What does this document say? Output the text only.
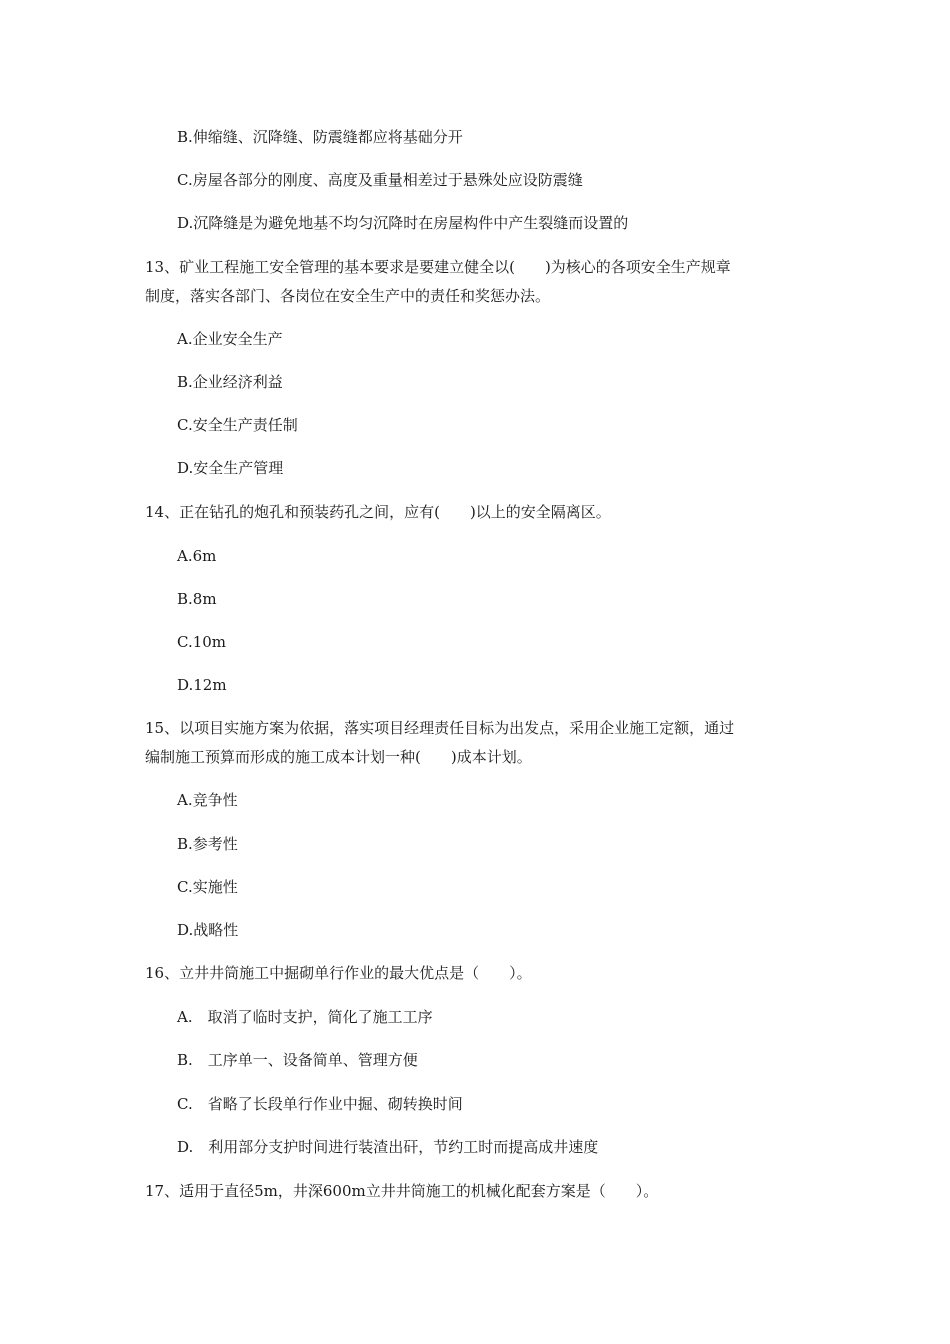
B.伸缩缝、沉降缝、防震缝都应将基础分开
C.房屋各部分的刚度、高度及重量相差过于悬殊处应设防震缝
D.沉降缝是为避免地基不均匀沉降时在房屋构件中产生裂缝而设置的
13、矿业工程施工安全管理的基本要求是要建立健全以(　　)为核心的各项安全生产规章
制度，落实各部门、各岗位在安全生产中的责任和奖惩办法。
A.企业安全生产
B.企业经济利益
C.安全生产责任制
D.安全生产管理
14、正在钻孔的炮孔和预装药孔之间，应有(　　)以上的安全隔离区。
A.6m
B.8m
C.10m
D.12m
15、以项目实施方案为依据，落实项目经理责任目标为出发点，采用企业施工定额，通过
编制施工预算而形成的施工成本计划一种(　　)成本计划。
A.竞争性
B.参考性
C.实施性
D.战略性
16、立井井筒施工中掘砌单行作业的最大优点是（　　）。
A.　取消了临时支护，简化了施工工序
B.　工序单一、设备简单、管理方便
C.　省略了长段单行作业中掘、砌转换时间
D.　利用部分支护时间进行装渣出矸，节约工时而提高成井速度
17、适用于直径5m，井深600m立井井筒施工的机械化配套方案是（　　）。
